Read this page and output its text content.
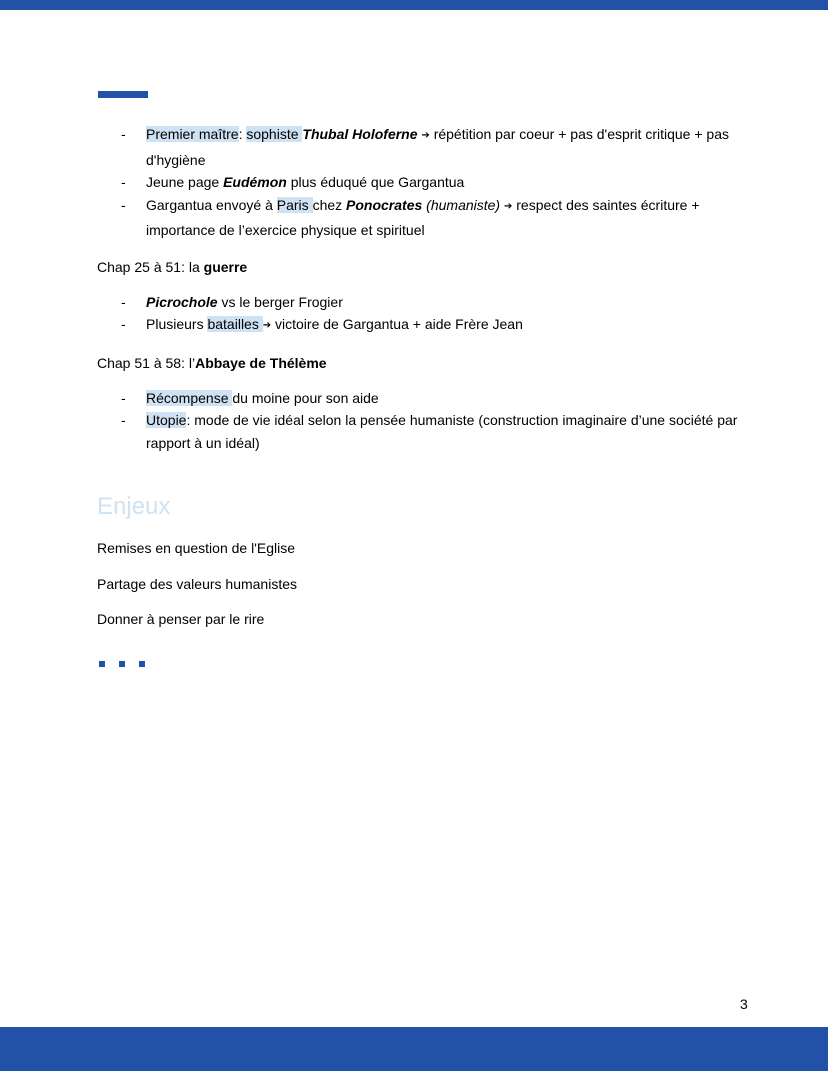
- Premier maître: sophiste Thubal Holoferne ➔ répétition par coeur + pas d'esprit critique + pas d'hygiène
- Jeune page Eudémon plus éduqué que Gargantua
- Gargantua envoyé à Paris chez Ponocrates (humaniste) ➔ respect des saintes écriture + importance de l’exercice physique et spirituel
Chap 25 à 51: la guerre
- Picrochole vs le berger Frogier
- Plusieurs batailles ➔ victoire de Gargantua + aide Frère Jean
Chap 51 à 58: l’Abbaye de Thélème
- Récompense du moine pour son aide
- Utopie: mode de vie idéal selon la pensée humaniste (construction imaginaire d’une société par rapport à un idéal)
Enjeux

Remises en question de l'Eglise

Partage des valeurs humanistes

Donner à penser par le rire

3
